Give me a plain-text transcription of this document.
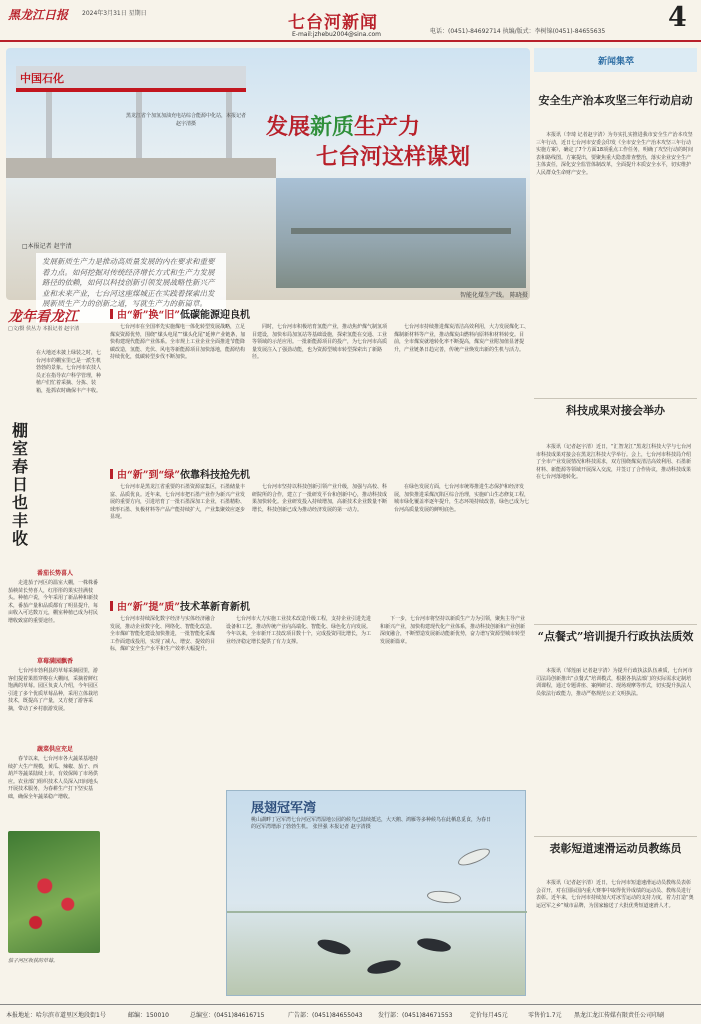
黑龙江日报 2024年3月31日 星期日	七台河新闻
E-mail:jzhebu2004@sina.com	电话：(0451)-84692714 执编/版式：李树锦(0451)-84655635 4
中国石化
黑龙江省个加氢加油充电站综合能源中化站，本报记者赵宇清摄	发展新质生产力
七台河这样谋划
□本报记者 赵宇清
发展新质生产力是推动高质量发展的内在要求和重要着力点。如何挖掘对传统经济增长方式和生产力发展路径的依赖，如何以科技创新引领发展战略性新兴产业和未来产业，七台河这座煤城正在实践着探索出发展新质生产力的创新之道，写就生产力的新篇章。
智能化煤生产线。 陈晓摄
新闻集萃
安全生产治本攻坚三年行动启动
本报讯（李琦 记者赵宇清）为夯实扎实推进我市安全生产治本攻坚三年行动，近日七台河市安委会印发《全市安全生产治本攻坚三年行动实施方案》，确定了7个方面18项重点工作任务，明确了攻坚行动的时间表和路线图。方案提出，要聚焦重大隐患排查整治，落实企业安全生产主体责任，深化安全监管体制改革，全面提升本质安全水平，切实维护人民群众生命财产安全。
科技成果对接会举办
本报讯（记者赵宇清）近日，“汇智龙江”黑龙江科技大学与七台河市科技成果对接会在黑龙江科技大学举行。会上，七台河市科技局介绍了全市产业发展情况和科技需求，双方围绕煤炭清洁高效利用、石墨新材料、新能源等领域开展深入交流，并签订了合作协议，推动科技成果在七台河落地转化。
“点餐式”培训提升行政执法质效
本报讯（邹莲丽 记者赵宇清）为提升行政执法队伍素质，七台河市司法局创新推出“点餐式”培训模式，根据各执法部门的实际需求定制培训课程，通过专题讲座、案例研讨、现场观摩等形式，切实提升执法人员依法行政能力，推动严格规范公正文明执法。
表彰短道速滑运动员教练员
本报讯（记者赵宇清）近日，七台河市短道速滑运动员教练员表彰会召开，对在国际国内重大赛事中取得优异成绩的运动员、教练员进行表彰。近年来，七台河市持续加大对冰雪运动的支持力度，着力打造“奥运冠军之乡”城市品牌，为国家输送了大批优秀短道速滑人才。
龙年看龙江
□文/摄 侯丛力 本报记者 赵宇清
棚室春日也丰收
在大地还未披上绿装之时，七台河市的棚室里已是一派生机勃勃的景象。七台河市农技人员正在指导农户科学管理，种植户们忙着采摘、分拣、装箱，抢抓农时确保丰产丰收。
番茄长势喜人
走进茄子河区的温室大棚，一株株番茄秧苗长势喜人，红彤彤的果实挂满枝头。种植户说，今年采用了新品种和新技术，番茄产量和品质都有了明显提升，每亩收入可达数万元，棚室种植已成为村民增收致富的重要途径。
草莓满园飘香
七台河市勃利县的草莓采摘园里，游客们提着果篮穿梭在大棚间，采摘着鲜红饱满的草莓。园区负责人介绍，今年园区引进了多个优质草莓品种，采用立体栽培技术，既提高了产量，又方便了游客采摘，带动了乡村旅游发展。
蔬菜供应充足
春节以来，七台河市各大蔬菜基地持续扩大生产规模，黄瓜、辣椒、茄子、西葫芦等蔬菜陆续上市，有效保障了市场供应。农业部门组织技术人员深入田间地头开展技术服务，为春耕生产打下坚实基础，确保全年蔬菜稳产增收。
茄子河区收获的草莓。
由“新”换“旧”低碳能源迎良机
七台河市在全国率先实施煤电一体化转型发展战略，立足煤炭资源优势，围绕“煤头电尾”“煤头化尾”延伸产业链条，加快构建现代能源产业体系。全市规上工业企业全面推进节能降碳改造，氢能、光伏、风电等新能源项目加快落地，能源结构持续优化，低碳转型步伐不断加快。
同时，七台河市积极培育氢能产业，推动焦炉煤气制氢项目建设，加快布局加氢站等基础设施，探索氢能在交通、工业等领域的示范应用。一批新能源项目的投产，为七台河市高质量发展注入了强劲动能，也为资源型城市转型探索出了新路径。
七台河市持续推进煤炭清洁高效利用，大力发展煤化工、煤制新材料等产业，推动煤炭由燃料向原料和材料转变。目前，全市煤炭就地转化率不断提高，煤炭产业附加值显著提升，产业链条日趋完善，传统产业焕发出新的生机与活力。
由“新”到“绿”依靠科技抢先机
七台河市是黑龙江省重要的石墨资源富集区，石墨储量丰富、品质优良。近年来，七台河市把石墨产业作为新兴产业发展的重要方向，引进培育了一批石墨深加工企业，石墨精粉、球形石墨、负极材料等产品产能持续扩大，产业集聚效应逐步显现。
七台河市坚持以科技创新引领产业升级，加强与高校、科研院所的合作，建立了一批研发平台和创新中心，推动科技成果加快转化。企业研发投入持续增加，高新技术企业数量不断增长，科技创新已成为推动经济发展的第一动力。
在绿色发展方面，七台河市统筹推进生态保护和经济发展，加快推进采煤沉陷区综合治理，实施矿山生态修复工程，城市绿化覆盖率逐年提升，生态环境持续改善，绿色已成为七台河高质量发展的鲜明底色。
由“新”提“质”技术革新育新机
七台河市持续深化数字经济与实体经济融合发展，推动企业数字化、网络化、智能化改造。全市煤矿智能化建设加快推进，一批智能化采煤工作面建成投用，实现了减人、增安、提效的目标，煤矿安全生产水平和生产效率大幅提升。
七台河市大力实施工业技术改造升级工程，支持企业引进先进设备和工艺，推动传统产业向高端化、智能化、绿色化方向发展。今年以来，全市新开工技改项目数十个，完成投资同比增长，为工业经济稳定增长提供了有力支撑。
下一步，七台河市将坚持以新质生产力为引领，聚焦主导产业和新兴产业，加快构建现代化产业体系，推动科技创新和产业创新深度融合，不断塑造发展新动能新优势，奋力谱写资源型城市转型发展新篇章。
展翅冠军湾
桃山湖畔丁冠军湾七台河冠军湾湿地公园的候鸟已陆续抵达，大天鹅、鸿雁等多种候鸟在此栖息觅食，为春日的冠军湾增添了勃勃生机。 张世强 本报记者 赵宇清摄
本报地址：哈尔滨市道里区地段街1号	邮编：150010	总编室：(0451)84616715	广告部：(0451)84655043	发行部：(0451)84671553	定价每月45元	零售价1.7元 黑龙江龙江传媒有限责任公司印刷
